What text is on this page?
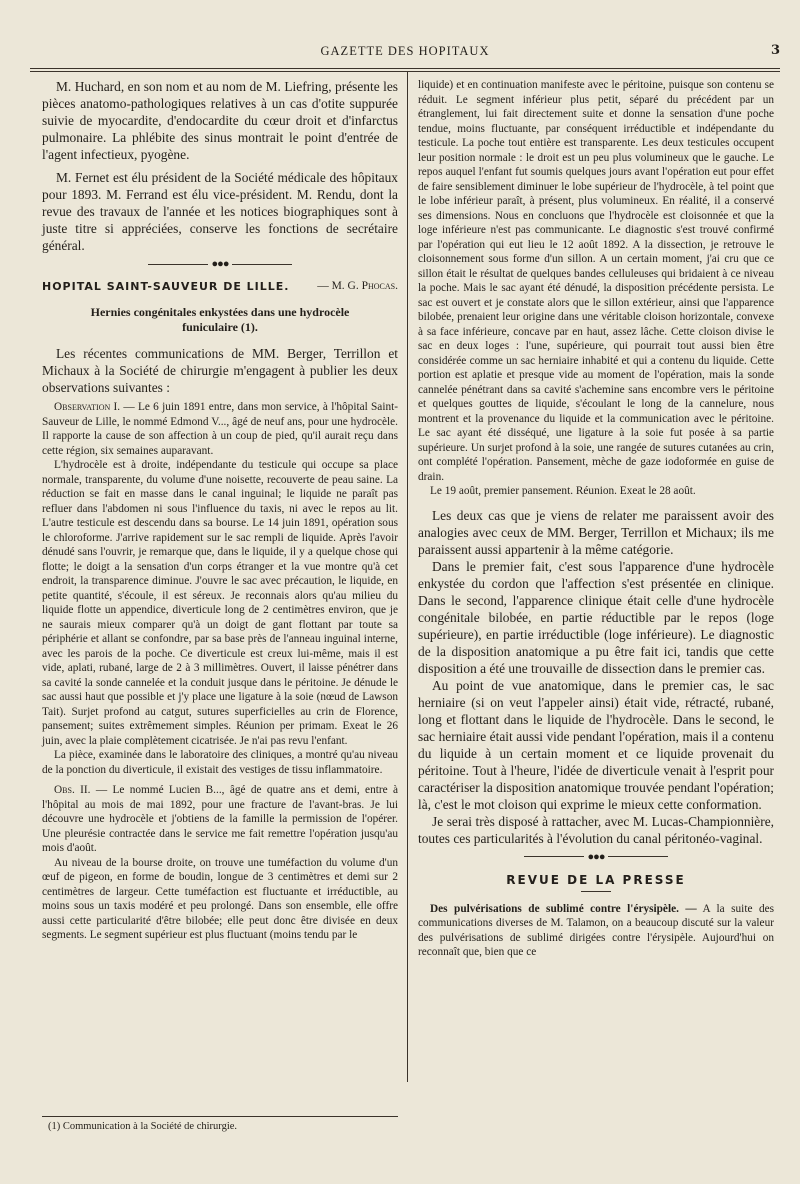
GAZETTE DES HOPITAUX	3

M. Huchard, en son nom et au nom de M. Liefring, présente les pièces anatomo-pathologiques relatives à un cas d'otite suppurée suivie de myocardite, d'endocardite du cœur droit et d'infarctus pulmonaire. La phlébite des sinus montrait le point d'entrée de l'agent infectieux, pyogène.

M. Fernet est élu président de la Société médicale des hôpitaux pour 1893. M. Ferrand est élu vice-président. M. Rendu, dont la revue des travaux de l'année et les notices biographiques sont à juste titre si appréciées, conserve les fonctions de secrétaire général.

●●●
HOPITAL SAINT-SAUVEUR DE LILLE. — M. G. Phocas.
Hernies congénitales enkystées dans une hydrocèle funiculaire (1).

Les récentes communications de MM. Berger, Terrillon et Michaux à la Société de chirurgie m'engagent à publier les deux observations suivantes :

Observation I. — Le 6 juin 1891 entre, dans mon service, à l'hôpital Saint-Sauveur de Lille, le nommé Edmond V..., âgé de neuf ans, pour une hydrocèle. Il rapporte la cause de son affection à un coup de pied, qu'il aurait reçu dans cette région, six semaines auparavant.

L'hydrocèle est à droite, indépendante du testicule qui occupe sa place normale, transparente, du volume d'une noisette, recouverte de peau saine. La réduction se fait en masse dans le canal inguinal; le liquide ne paraît pas refluer dans l'abdomen ni sous l'influence du taxis, ni avec le repos au lit. L'autre testicule est descendu dans sa bourse. Le 14 juin 1891, opération sous le chloroforme. J'arrive rapidement sur le sac rempli de liquide. Après l'avoir dénudé sans l'ouvrir, je remarque que, dans le liquide, il y a quelque chose qui flotte; le doigt a la sensation d'un corps étranger et la vue montre qu'à cet endroit, la transparence diminue. J'ouvre le sac avec précaution, le liquide, en petite quantité, s'écoule, il est séreux. Je reconnais alors qu'au milieu du liquide flotte un appendice, diverticule long de 2 centimètres environ, que je ne saurais mieux comparer qu'à un doigt de gant flottant par toute sa périphérie et allant se confondre, par sa base près de l'anneau inguinal interne, avec les parois de la poche. Ce diverticule est creux lui-même, mais il est vide, aplati, rubané, large de 2 à 3 millimètres. Ouvert, il laisse pénétrer dans sa cavité la sonde cannelée et la conduit jusque dans le péritoine. Je dénude le sac aussi haut que possible et j'y place une ligature à la soie (nœud de Lawson Tait). Surjet profond au catgut, sutures superficielles au crin de Florence, pansement; suites extrêmement simples. Réunion per primam. Exeat le 26 juin, avec la plaie complètement cicatrisée. Je n'ai pas revu l'enfant.

La pièce, examinée dans le laboratoire des cliniques, a montré qu'au niveau de la ponction du diverticule, il existait des vestiges de tissu inflammatoire.

Obs. II. — Le nommé Lucien B..., âgé de quatre ans et demi, entre à l'hôpital au mois de mai 1892, pour une fracture de l'avant-bras. Je lui découvre une hydrocèle et j'obtiens de la famille la permission de l'opérer. Une pleurésie contractée dans le service me fait remettre l'opération jusqu'au mois d'août.

Au niveau de la bourse droite, on trouve une tuméfaction du volume d'un œuf de pigeon, en forme de boudin, longue de 3 centimètres et demi sur 2 centimètres de largeur. Cette tuméfaction est fluctuante et irréductible, au moins sous un taxis modéré et peu prolongé. Dans son ensemble, elle offre aussi cette particularité d'être bilobée; elle peut donc être divisée en deux segments. Le segment supérieur est plus fluctuant (moins tendu par le

(1) Communication à la Société de chirurgie.

liquide) et en continuation manifeste avec le péritoine, puisque son contenu se réduit. Le segment inférieur plus petit, séparé du précédent par un étranglement, lui fait directement suite et donne la sensation d'une poche tendue, moins fluctuante, par conséquent irréductible et indépendante du testicule. La poche tout entière est transparente. Les deux testicules occupent leur position normale : le droit est un peu plus volumineux que le gauche. Le repos auquel l'enfant fut soumis quelques jours avant l'opération eut pour effet de faire sensiblement diminuer le lobe supérieur de l'hydrocèle, à tel point que le lobe inférieur paraît, à présent, plus volumineux. En réalité, il a conservé ses dimensions. Nous en concluons que l'hydrocèle est cloisonnée et que la loge inférieure n'est pas communicante. Le diagnostic s'est trouvé confirmé par l'opération qui eut lieu le 12 août 1892. A la dissection, je retrouve le cloisonnement sous forme d'un sillon. A un certain moment, j'ai cru que ce sillon était le résultat de quelques bandes celluleuses qui bridaient à ce niveau la poche. Mais le sac ayant été dénudé, la disposition précédente persista. Le sac est ouvert et je constate alors que le sillon extérieur, ainsi que l'apparence bilobée, prenaient leur origine dans une véritable cloison horizontale, convexe à sa face inférieure, concave par en haut, assez lâche. Cette cloison divise le sac en deux loges : l'une, supérieure, qui pourrait tout aussi bien être considérée comme un sac herniaire inhabité et qui a contenu du liquide. Cette portion est aplatie et presque vide au moment de l'opération, mais la sonde cannelée pénétrant dans sa cavité s'achemine sans encombre vers le péritoine et quelques gouttes de liquide, s'écoulant le long de la cannelure, nous montrent et la provenance du liquide et la communication avec le péritoine. Le sac ayant été disséqué, une ligature à la soie fut posée à sa partie supérieure. Un surjet profond à la soie, une rangée de sutures cutanées au crin, ont complété l'opération. Pansement, mèche de gaze iodoformée en guise de drain.

Le 19 août, premier pansement. Réunion. Exeat le 28 août.

Les deux cas que je viens de relater me paraissent avoir des analogies avec ceux de MM. Berger, Terrillon et Michaux; ils me paraissent aussi appartenir à la même catégorie.

Dans le premier fait, c'est sous l'apparence d'une hydrocèle enkystée du cordon que l'affection s'est présentée en clinique. Dans le second, l'apparence clinique était celle d'une hydrocèle congénitale bilobée, en partie réductible par le repos (loge supérieure), en partie irréductible (loge inférieure). Le diagnostic de la disposition anatomique a pu être fait ici, tandis que cette disposition a été une trouvaille de dissection dans le premier cas.

Au point de vue anatomique, dans le premier cas, le sac herniaire (si on veut l'appeler ainsi) était vide, rétracté, rubané, long et flottant dans le liquide de l'hydrocèle. Dans le second, le sac herniaire était aussi vide pendant l'opération, mais il a contenu du liquide à un certain moment et ce liquide provenait du péritoine. Tout à l'heure, l'idée de diverticule venait à l'esprit pour caractériser la disposition anatomique trouvée pendant l'opération; là, c'est le mot cloison qui exprime le mieux cette conformation.

Je serai très disposé à rattacher, avec M. Lucas-Championnière, toutes ces particularités à l'évolution du canal péritonéo-vaginal.

●●●
REVUE DE LA PRESSE

Des pulvérisations de sublimé contre l'érysipèle. — A la suite des communications diverses de M. Talamon, on a beaucoup discuté sur la valeur des pulvérisations de sublimé dirigées contre l'érysipèle. Aujourd'hui on reconnaît que, bien que ce
